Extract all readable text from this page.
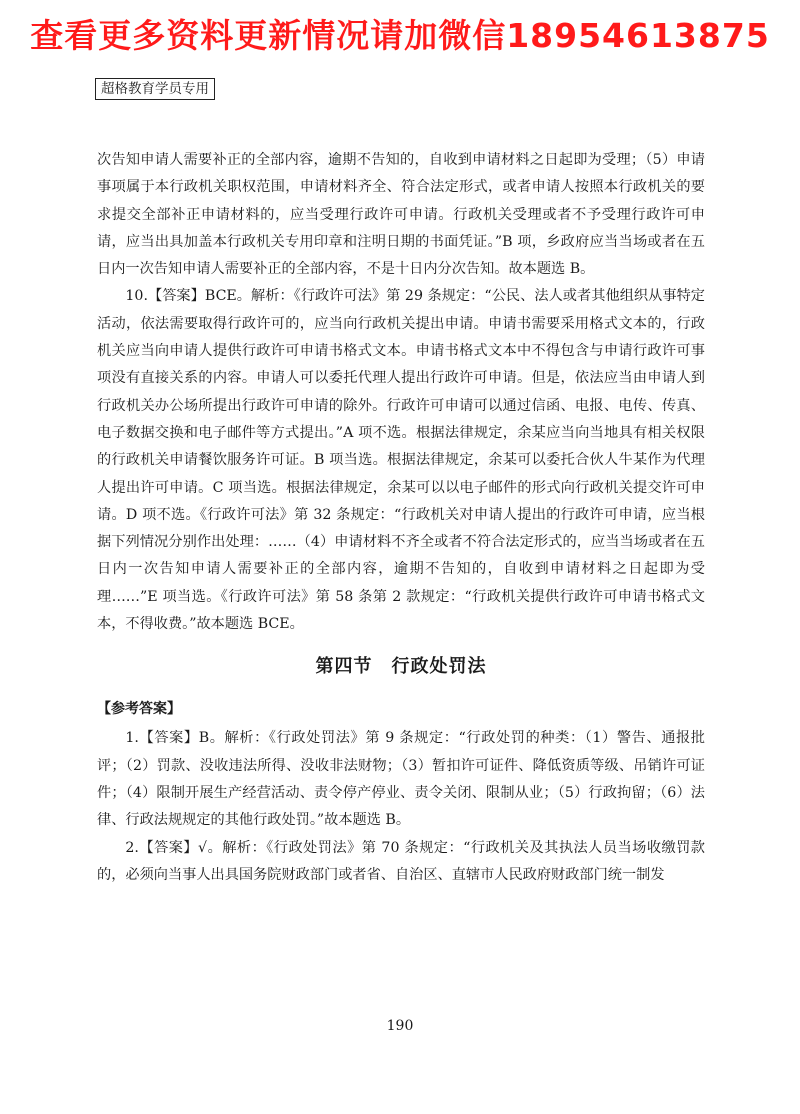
查看更多资料更新情况请加微信18954613875
超格教育学员专用

次告知申请人需要补正的全部内容，逾期不告知的，自收到申请材料之日起即为受理；（5）申请事项属于本行政机关职权范围，申请材料齐全、符合法定形式，或者申请人按照本行政机关的要求提交全部补正申请材料的，应当受理行政许可申请。行政机关受理或者不予受理行政许可申请，应当出具加盖本行政机关专用印章和注明日期的书面凭证。”B 项，乡政府应当当场或者在五日内一次告知申请人需要补正的全部内容，不是十日内分次告知。故本题选 B。

10.【答案】BCE。解析：《行政许可法》第 29 条规定：“公民、法人或者其他组织从事特定活动，依法需要取得行政许可的，应当向行政机关提出申请。申请书需要采用格式文本的，行政机关应当向申请人提供行政许可申请书格式文本。申请书格式文本中不得包含与申请行政许可事项没有直接关系的内容。申请人可以委托代理人提出行政许可申请。但是，依法应当由申请人到行政机关办公场所提出行政许可申请的除外。行政许可申请可以通过信函、电报、电传、传真、电子数据交换和电子邮件等方式提出。”A 项不选。根据法律规定，余某应当向当地具有相关权限的行政机关申请餐饮服务许可证。B 项当选。根据法律规定，余某可以委托合伙人牛某作为代理人提出许可申请。C 项当选。根据法律规定，余某可以以电子邮件的形式向行政机关提交许可申请。D 项不选。《行政许可法》第 32 条规定：“行政机关对申请人提出的行政许可申请，应当根据下列情况分别作出处理：……（4）申请材料不齐全或者不符合法定形式的，应当当场或者在五日内一次告知申请人需要补正的全部内容，逾期不告知的，自收到申请材料之日起即为受理……”E 项当选。《行政许可法》第 58 条第 2 款规定：“行政机关提供行政许可申请书格式文本，不得收费。”故本题选 BCE。

第四节　行政处罚法
【参考答案】

1.【答案】B。解析：《行政处罚法》第 9 条规定：“行政处罚的种类：（1）警告、通报批评；（2）罚款、没收违法所得、没收非法财物；（3）暂扣许可证件、降低资质等级、吊销许可证件；（4）限制开展生产经营活动、责令停产停业、责令关闭、限制从业；（5）行政拘留；（6）法律、行政法规规定的其他行政处罚。”故本题选 B。

2.【答案】√。解析：《行政处罚法》第 70 条规定：“行政机关及其执法人员当场收缴罚款的，必须向当事人出具国务院财政部门或者省、自治区、直辖市人民政府财政部门统一制发

190
